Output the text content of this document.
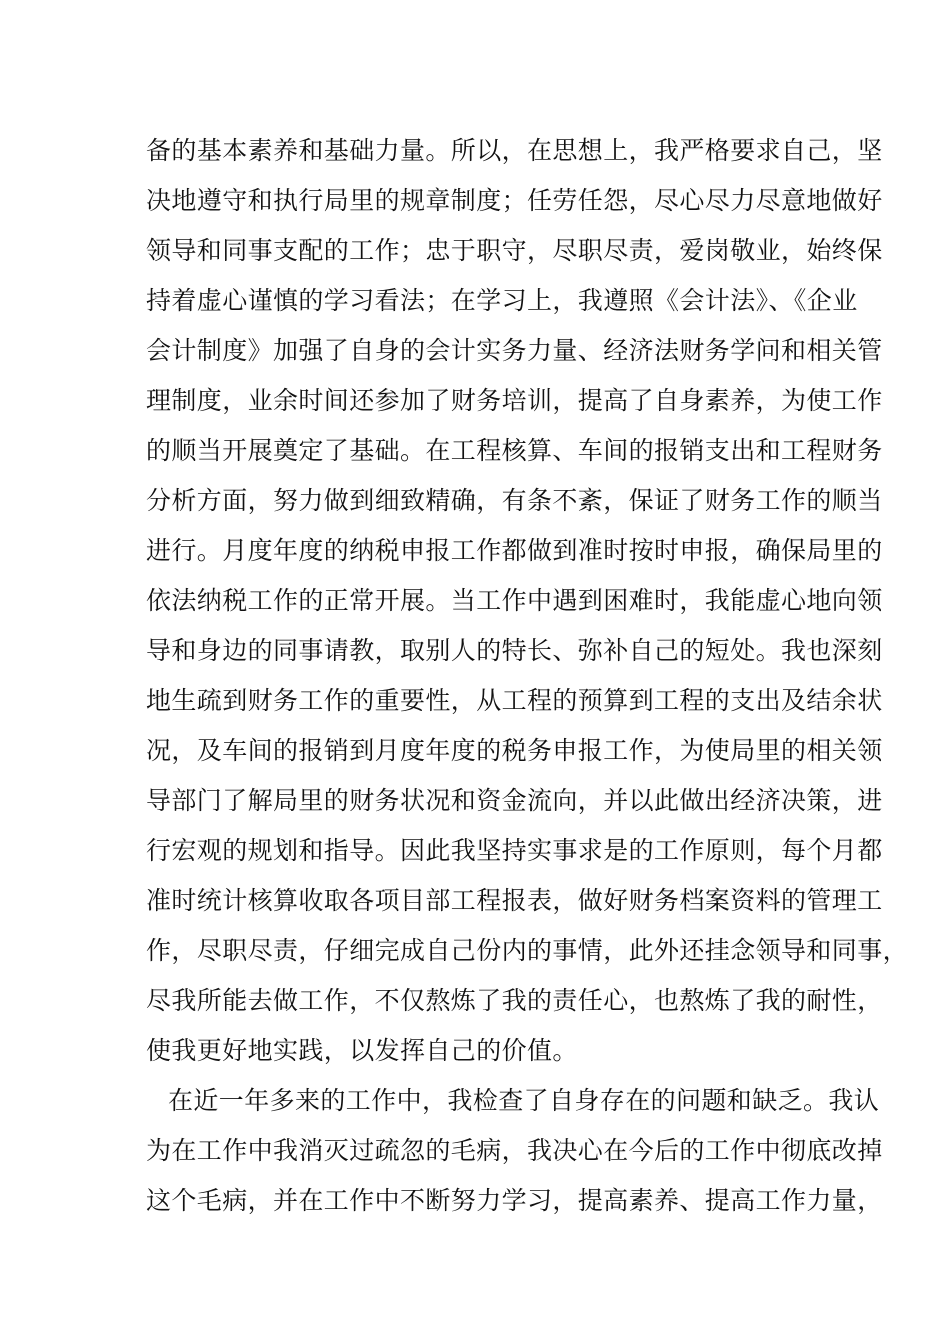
备的基本素养和基础力量。所以，在思想上，我严格要求自己，坚
决地遵守和执行局里的规章制度；任劳任怨，尽心尽力尽意地做好
领导和同事支配的工作；忠于职守，尽职尽责，爱岗敬业，始终保
持着虚心谨慎的学习看法；在学习上，我遵照《会计法》、《企业
会计制度》加强了自身的会计实务力量、经济法财务学问和相关管
理制度，业余时间还参加了财务培训，提高了自身素养，为使工作
的顺当开展奠定了基础。在工程核算、车间的报销支出和工程财务
分析方面，努力做到细致精确，有条不紊，保证了财务工作的顺当
进行。月度年度的纳税申报工作都做到准时按时申报，确保局里的
依法纳税工作的正常开展。当工作中遇到困难时，我能虚心地向领
导和身边的同事请教，取别人的特长、弥补自己的短处。我也深刻
地生疏到财务工作的重要性，从工程的预算到工程的支出及结余状
况，及车间的报销到月度年度的税务申报工作，为使局里的相关领
导部门了解局里的财务状况和资金流向，并以此做出经济决策，进
行宏观的规划和指导。因此我坚持实事求是的工作原则，每个月都
准时统计核算收取各项目部工程报表，做好财务档案资料的管理工
作，尽职尽责，仔细完成自己份内的事情，此外还挂念领导和同事，
尽我所能去做工作，不仅熬炼了我的责任心，也熬炼了我的耐性，
使我更好地实践，以发挥自己的价值。
在近一年多来的工作中，我检查了自身存在的问题和缺乏。我认
为在工作中我消灭过疏忽的毛病，我决心在今后的工作中彻底改掉
这个毛病，并在工作中不断努力学习，提高素养、提高工作力量，
